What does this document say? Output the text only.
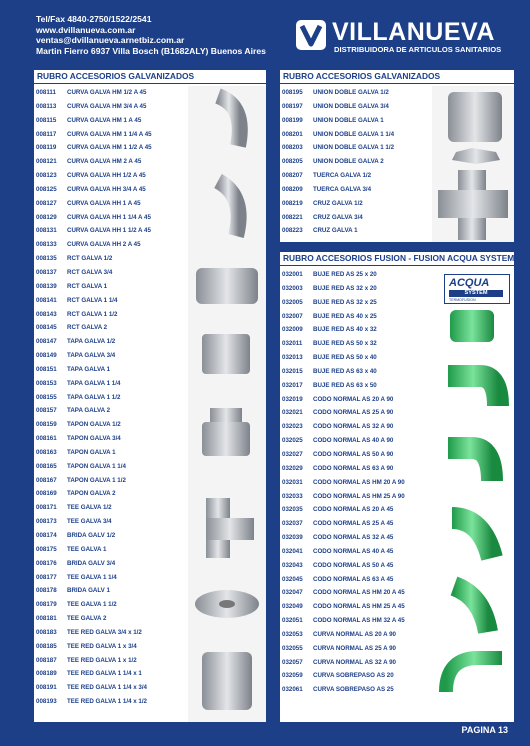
Tel/Fax 4840-2750/1522/2541
www.dvillanueva.com.ar
ventas@dvillanueva.arnetbiz.com.ar
Martin Fierro 6937 Villa Bosch (B1682ALY) Buenos Aires
VILLANUEVA
DISTRIBUIDORA DE ARTICULOS SANITARIOS
RUBRO ACCESORIOS GALVANIZADOS
008111 CURVA GALVA HM 1/2 A 45
008113 CURVA GALVA HM 3/4 A 45
008115 CURVA GALVA HM 1 A 45
008117 CURVA GALVA HM 1 1/4 A 45
008119 CURVA GALVA HM 1 1/2 A 45
008121 CURVA GALVA HM 2 A 45
008123 CURVA GALVA HH 1/2 A 45
008125 CURVA GALVA HH 3/4 A 45
008127 CURVA GALVA HH 1 A 45
008129 CURVA GALVA HH 1 1/4 A 45
008131 CURVA GALVA HH 1 1/2 A 45
008133 CURVA GALVA HH 2 A 45
008135 RCT GALVA 1/2
008137 RCT GALVA 3/4
008139 RCT GALVA 1
008141 RCT GALVA 1 1/4
008143 RCT GALVA 1 1/2
008145 RCT GALVA 2
008147 TAPA GALVA 1/2
008149 TAPA GALVA 3/4
008151 TAPA GALVA 1
008153 TAPA GALVA 1 1/4
008155 TAPA GALVA 1 1/2
008157 TAPA GALVA 2
008159 TAPON GALVA 1/2
008161 TAPON GALVA 3/4
008163 TAPON GALVA 1
008165 TAPON GALVA 1 1/4
008167 TAPON GALVA 1 1/2
008169 TAPON GALVA 2
008171 TEE GALVA 1/2
008173 TEE GALVA 3/4
008174 BRIDA GALV 1/2
008175 TEE GALVA 1
008176 BRIDA GALV 3/4
008177 TEE GALVA 1 1/4
008178 BRIDA GALV 1
008179 TEE GALVA 1 1/2
008181 TEE GALVA 2
008183 TEE RED GALVA 3/4 x 1/2
008185 TEE RED GALVA 1 x 3/4
008187 TEE RED GALVA 1 x 1/2
008189 TEE RED GALVA 1 1/4 x 1
008191 TEE RED GALVA 1 1/4 x 3/4
008193 TEE RED GALVA 1 1/4 x 1/2
RUBRO ACCESORIOS GALVANIZADOS
008195 UNION DOBLE GALVA 1/2
008197 UNION DOBLE GALVA 3/4
008199 UNION DOBLE GALVA 1
008201 UNION DOBLE GALVA 1 1/4
008203 UNION DOBLE GALVA 1 1/2
008205 UNION DOBLE GALVA 2
008207 TUERCA GALVA 1/2
008209 TUERCA GALVA 3/4
008219 CRUZ GALVA 1/2
008221 CRUZ GALVA 3/4
008223 CRUZ GALVA 1
RUBRO ACCESORIOS FUSION - FUSION ACQUA SYSTEM
032001 BUJE RED AS 25 x 20
032003 BUJE RED AS 32 x 20
032005 BUJE RED AS 32 x 25
032007 BUJE RED AS 40 x 25
032009 BUJE RED AS 40 x 32
032011 BUJE RED AS 50 x 32
032013 BUJE RED AS 50 x 40
032015 BUJE RED AS 63 x 40
032017 BUJE RED AS 63 x 50
032019 CODO NORMAL AS 20 A 90
032021 CODO NORMAL AS 25 A 90
032023 CODO NORMAL AS 32 A 90
032025 CODO NORMAL AS 40 A 90
032027 CODO NORMAL AS 50 A 90
032029 CODO NORMAL AS 63 A 90
032031 CODO NORMAL AS HM 20 A 90
032033 CODO NORMAL AS HM 25 A 90
032035 CODO NORMAL AS 20 A 45
032037 CODO NORMAL AS 25 A 45
032039 CODO NORMAL AS 32 A 45
032041 CODO NORMAL AS 40 A 45
032043 CODO NORMAL AS 50 A 45
032045 CODO NORMAL AS 63 A 45
032047 CODO NORMAL AS HM 20 A 45
032049 CODO NORMAL AS HM 25 A 45
032051 CODO NORMAL AS HM 32 A 45
032053 CURVA NORMAL AS 20 A 90
032055 CURVA NORMAL AS 25 A 90
032057 CURVA NORMAL AS 32 A 90
032059 CURVA SOBREPASO AS 20
032061 CURVA SOBREPASO AS 25
ACQUA
SYSTEM
TERMOFUSION
PAGINA 13
